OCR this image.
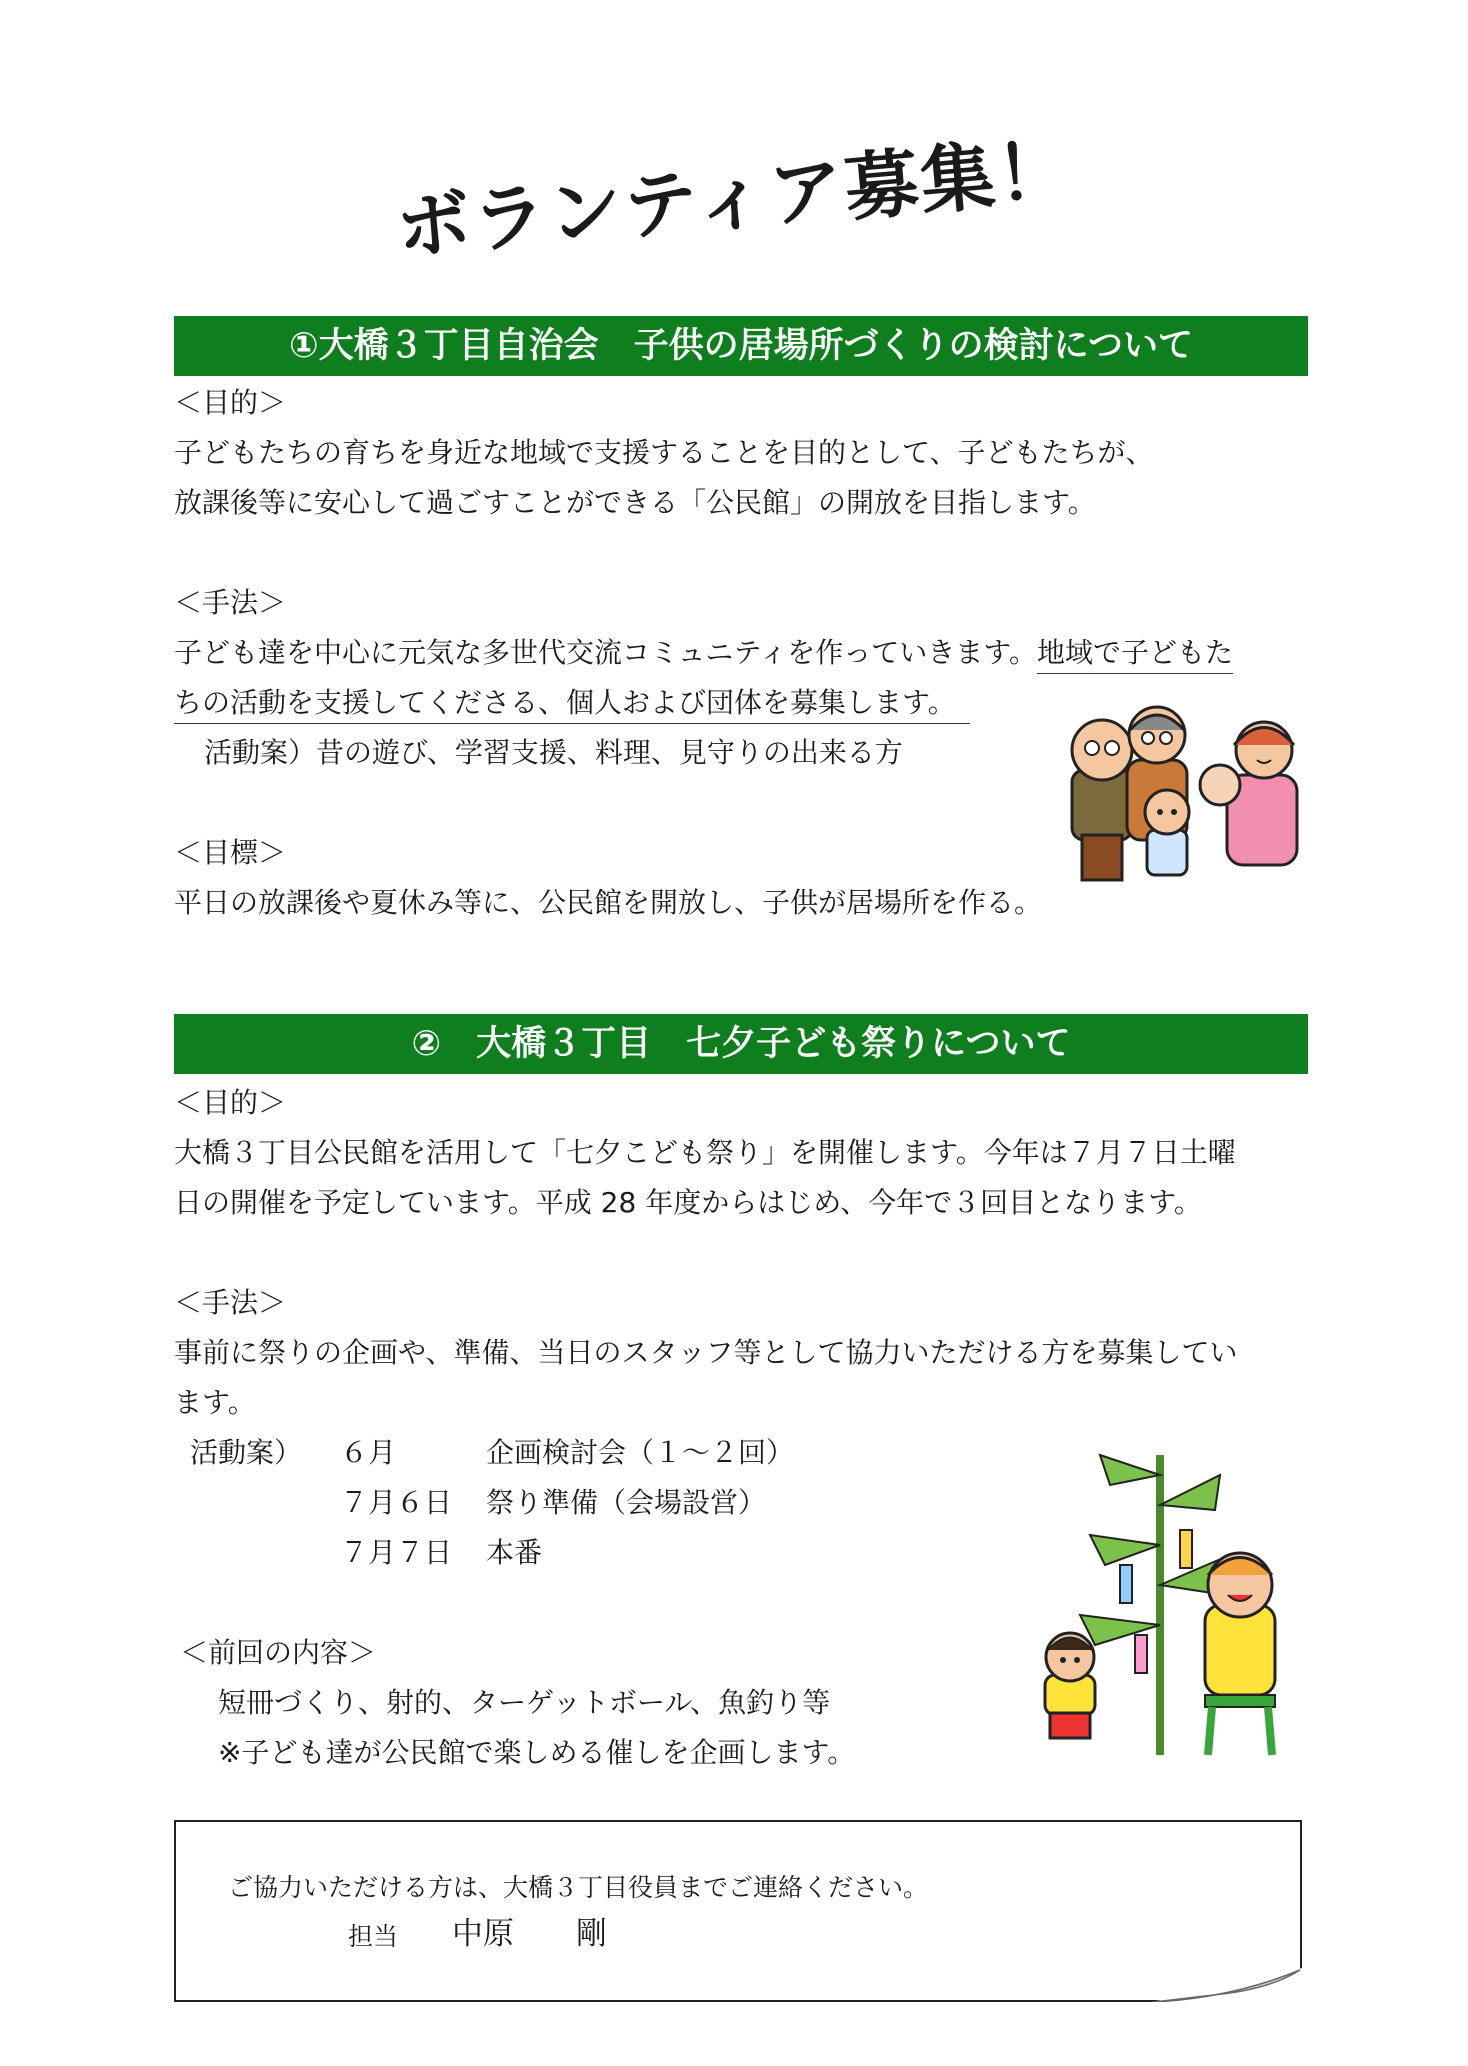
ボランティア募集！
①大橋３丁目自治会　子供の居場所づくりの検討について
＜目的＞
子どもたちの育ちを身近な地域で支援することを目的として、子どもたちが、
放課後等に安心して過ごすことができる「公民館」の開放を目指します。
＜手法＞
子ども達を中心に元気な多世代交流コミュニティを作っていきます。地域で子どもた
ちの活動を支援してくださる、個人および団体を募集します。
活動案）昔の遊び、学習支援、料理、見守りの出来る方
＜目標＞
平日の放課後や夏休み等に、公民館を開放し、子供が居場所を作る。
②　大橋３丁目　七夕子ども祭りについて
＜目的＞
大橋３丁目公民館を活用して「七夕こども祭り」を開催します。今年は７月７日土曜
日の開催を予定しています。平成 28 年度からはじめ、今年で３回目となります。
＜手法＞
事前に祭りの企画や、準備、当日のスタッフ等として協力いただける方を募集してい
ます。
活動案） ６月	企画検討会（１～２回）
７月６日 祭り準備（会場設営）
７月７日 本番
＜前回の内容＞
短冊づくり、射的、ターゲットボール、魚釣り等
※子ども達が公民館で楽しめる催しを企画します。
ご協力いただける方は、大橋３丁目役員までご連絡ください。
担当 中原　　剛
